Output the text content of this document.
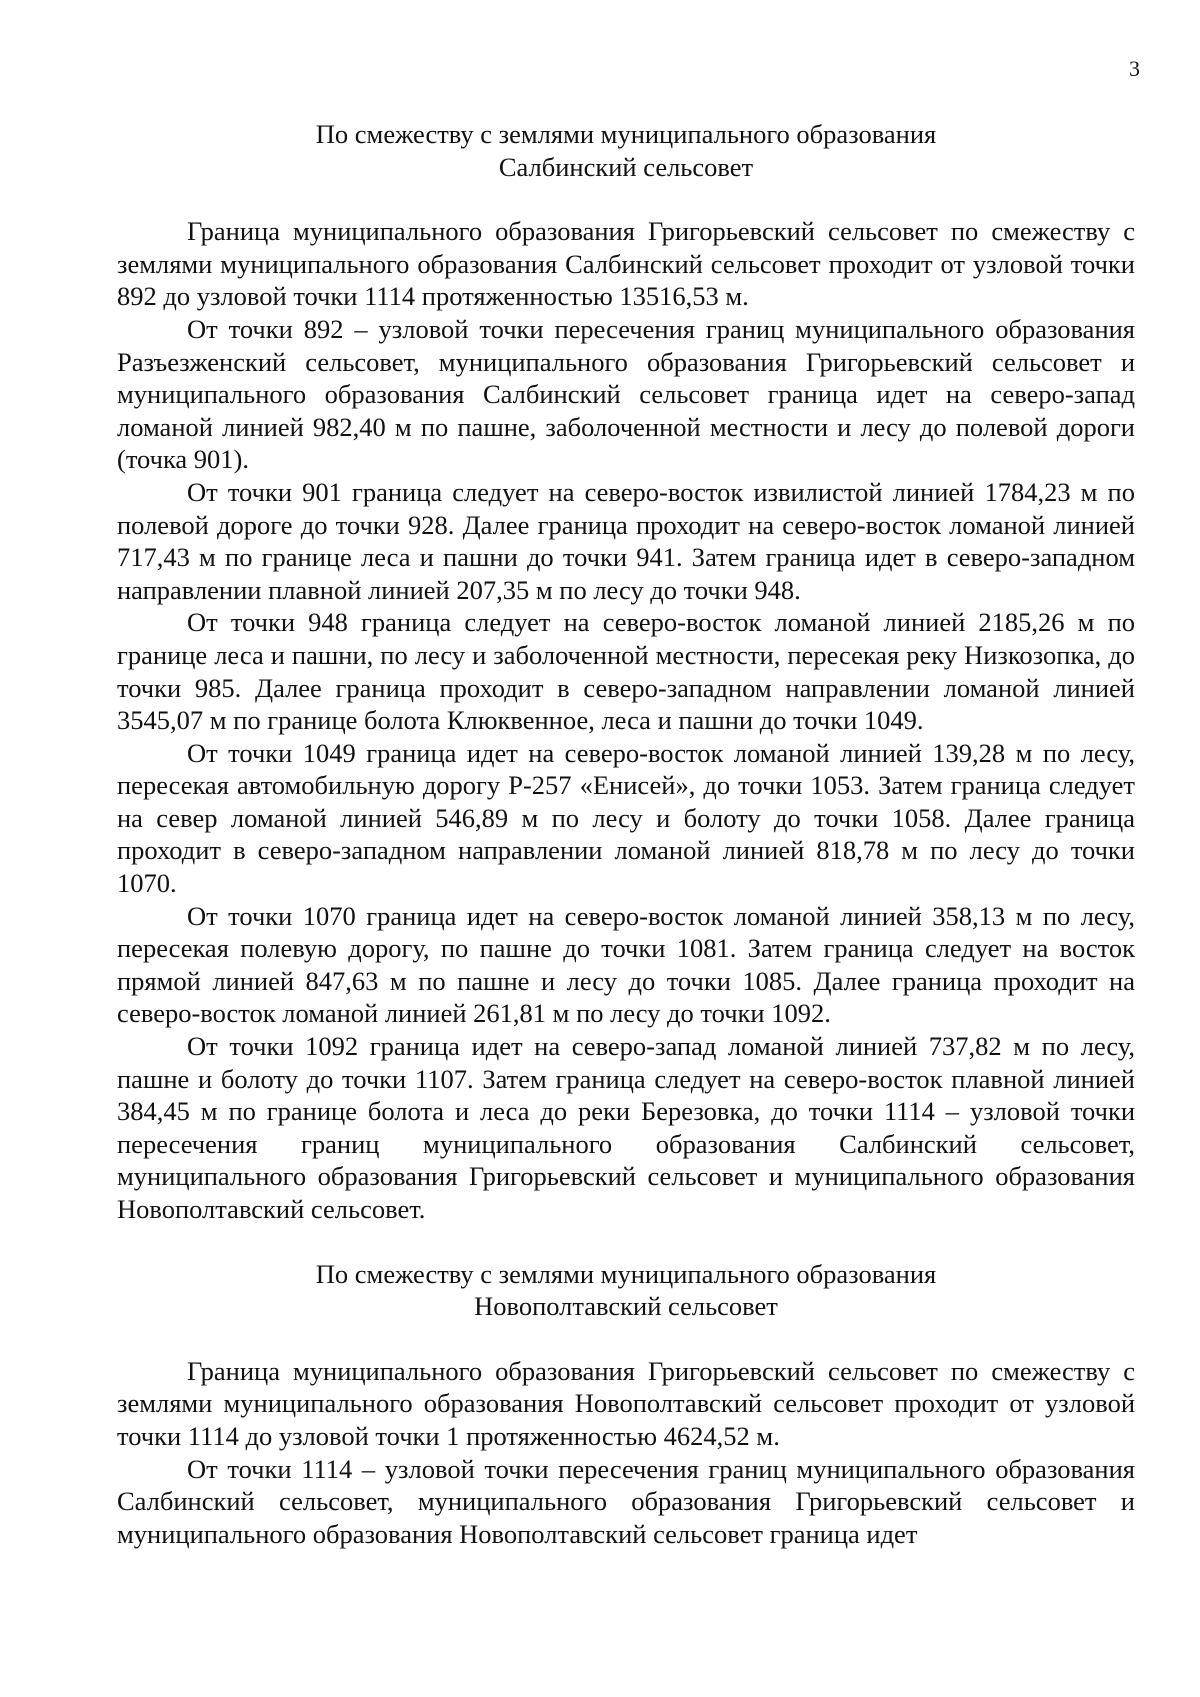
3
По смежеству с землями муниципального образования
Салбинский сельсовет

Граница муниципального образования Григорьевский сельсовет по смежеству с землями муниципального образования Салбинский сельсовет проходит от узловой точки 892 до узловой точки 1114 протяженностью 13516,53 м.

От точки 892 – узловой точки пересечения границ муниципального образования Разъезженский сельсовет, муниципального образования Григорьевский сельсовет и муниципального образования Салбинский сельсовет граница идет на северо-запад ломаной линией 982,40 м по пашне, заболоченной местности и лесу до полевой дороги (точка 901).

От точки 901 граница следует на северо-восток извилистой линией 1784,23 м по полевой дороге до точки 928. Далее граница проходит на северо-восток ломаной линией 717,43 м по границе леса и пашни до точки 941. Затем граница идет в северо-западном направлении плавной линией 207,35 м по лесу до точки 948.

От точки 948 граница следует на северо-восток ломаной линией 2185,26 м по границе леса и пашни, по лесу и заболоченной местности, пересекая реку Низкозопка, до точки 985. Далее граница проходит в северо-западном направлении ломаной линией 3545,07 м по границе болота Клюквенное, леса и пашни до точки 1049.

От точки 1049 граница идет на северо-восток ломаной линией 139,28 м по лесу, пересекая автомобильную дорогу Р-257 «Енисей», до точки 1053. Затем граница следует на север ломаной линией 546,89 м по лесу и болоту до точки 1058. Далее граница проходит в северо-западном направлении ломаной линией 818,78 м по лесу до точки 1070.

От точки 1070 граница идет на северо-восток ломаной линией 358,13 м по лесу, пересекая полевую дорогу, по пашне до точки 1081. Затем граница следует на восток прямой линией 847,63 м по пашне и лесу до точки 1085. Далее граница проходит на северо-восток ломаной линией 261,81 м по лесу до точки 1092.

От точки 1092 граница идет на северо-запад ломаной линией 737,82 м по лесу, пашне и болоту до точки 1107. Затем граница следует на северо-восток плавной линией 384,45 м по границе болота и леса до реки Березовка, до точки 1114 – узловой точки пересечения границ муниципального образования Салбинский сельсовет, муниципального образования Григорьевский сельсовет и муниципального образования Новополтавский сельсовет.

По смежеству с землями муниципального образования
Новополтавский сельсовет

Граница муниципального образования Григорьевский сельсовет по смежеству с землями муниципального образования Новополтавский сельсовет проходит от узловой точки 1114 до узловой точки 1 протяженностью 4624,52 м.

От точки 1114 – узловой точки пересечения границ муниципального образования Салбинский сельсовет, муниципального образования Григорьевский сельсовет и муниципального образования Новополтавский сельсовет граница идет
